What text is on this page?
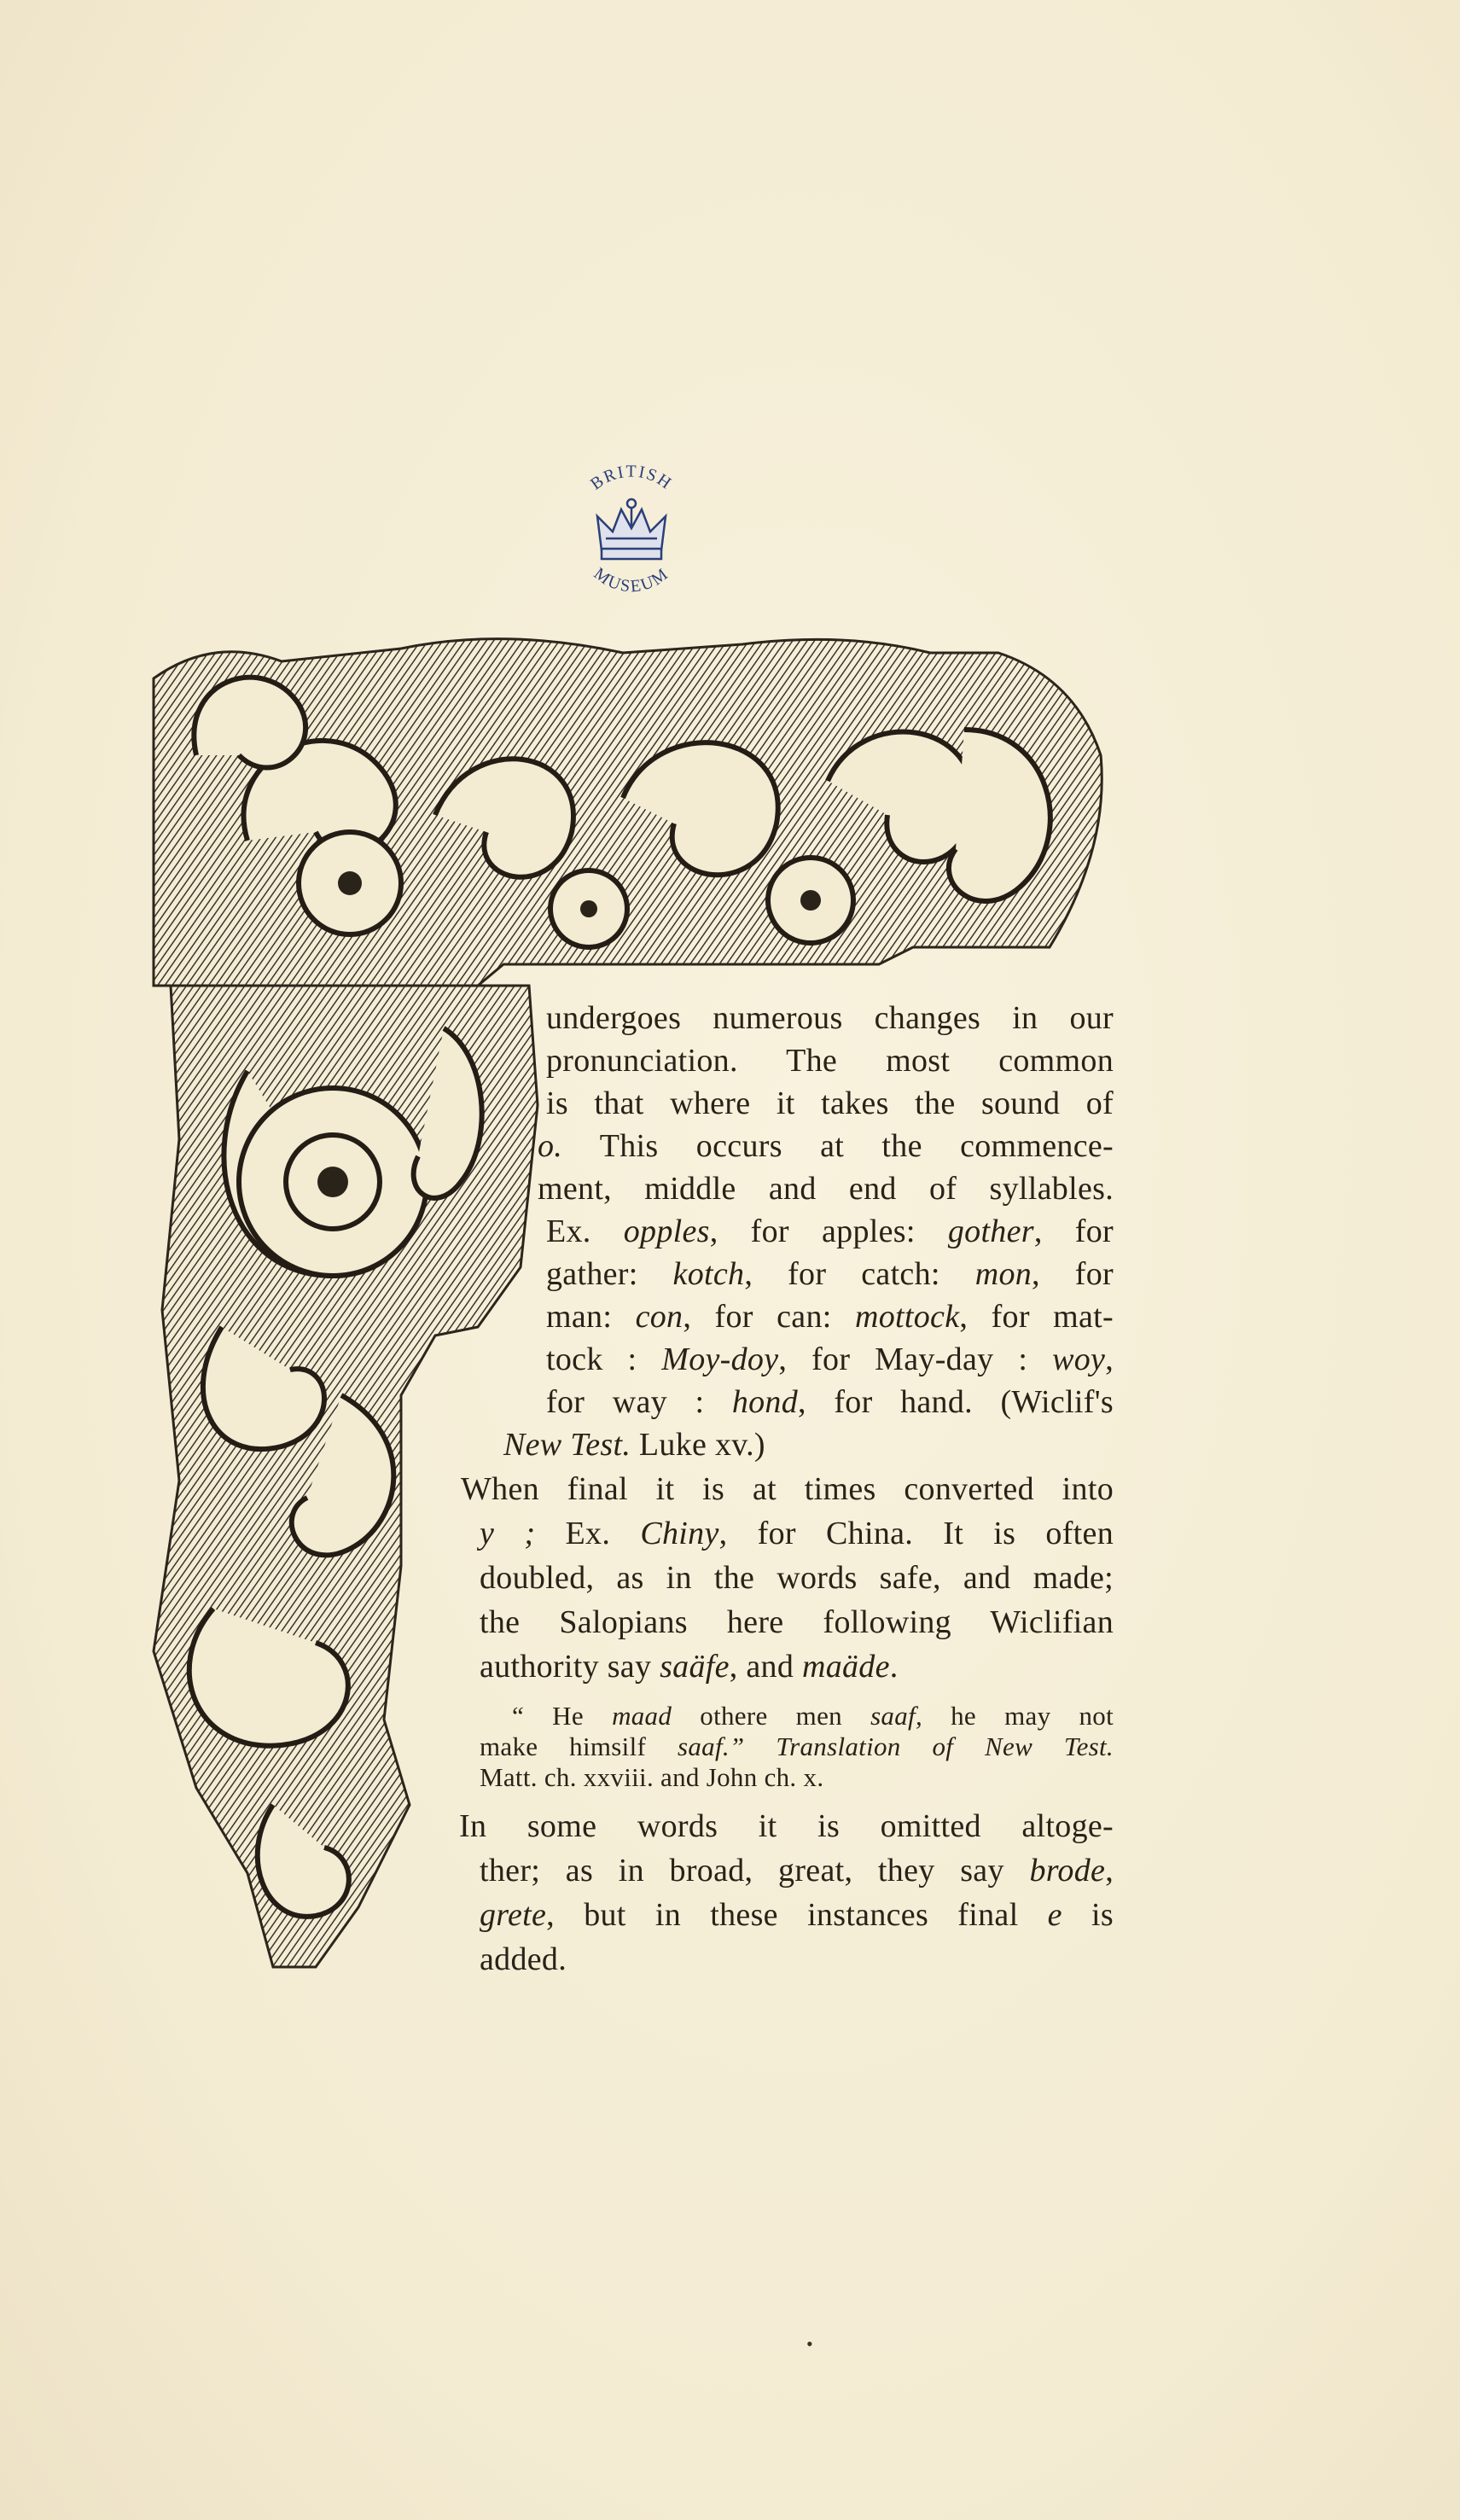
BRITISH
MUSEUM
undergoes numerous changes in our
pronunciation. The most common
is that where it takes the sound of
o. This occurs at the commence-
ment, middle and end of syllables.
Ex. opples, for apples: gother, for
gather: kotch, for catch: mon, for
man: con, for can: mottock, for mat-
tock : Moy-doy, for May-day : woy,
for way : hond, for hand. (Wiclif's
New Test. Luke xv.)
When final it is at times converted into
y ; Ex. Chiny, for China. It is often
doubled, as in the words safe, and made;
the Salopians here following Wiclifian
authority say saäfe, and maäde.
“ He maad othere men saaf, he may not
make himsilf saaf.” Translation of New Test.
Matt. ch. xxviii. and John ch. x.
In some words it is omitted altoge-
ther; as in broad, great, they say brode,
grete, but in these instances final e is
added.
•
